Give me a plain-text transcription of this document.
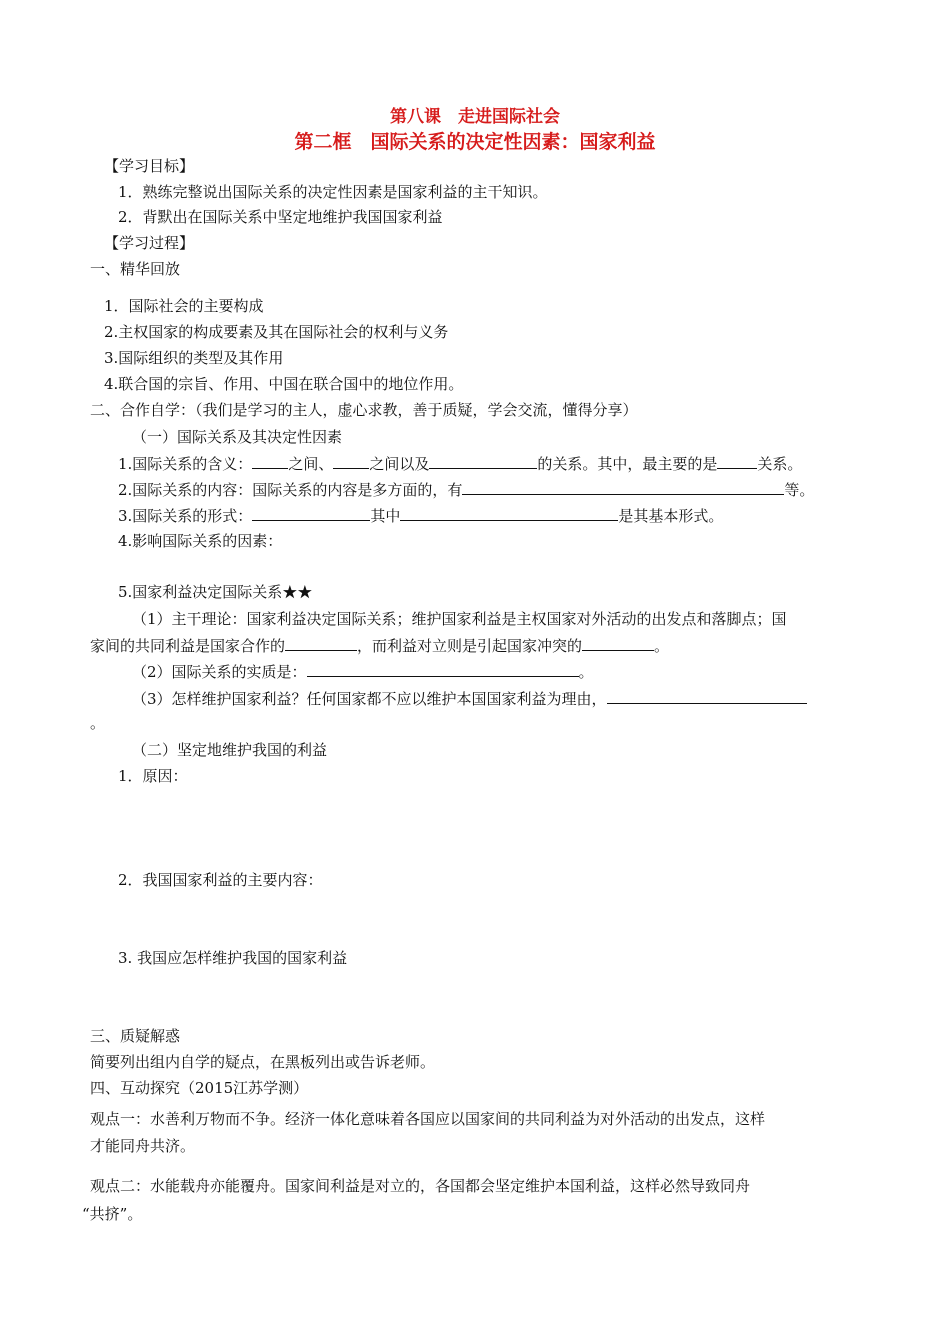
第八课　走进国际社会
第二框　国际关系的决定性因素：国家利益
【学习目标】
1．熟练完整说出国际关系的决定性因素是国家利益的主干知识。
2．背默出在国际关系中坚定地维护我国国家利益
【学习过程】
一、精华回放
1．国际社会的主要构成
2.主权国家的构成要素及其在国际社会的权利与义务
3.国际组织的类型及其作用
4.联合国的宗旨、作用、中国在联合国中的地位作用。
二、合作自学：（我们是学习的主人，虚心求教，善于质疑，学会交流，懂得分享）
（一）国际关系及其决定性因素
1.国际关系的含义： 之间、 之间以及	的关系。其中，最主要的是	关系。
2.国际关系的内容：国际关系的内容是多方面的，有	等。
3.国际关系的形式：	其中	是其基本形式。
4.影响国际关系的因素：
5.国家利益决定国际关系★★
（1）主干理论：国家利益决定国际关系；维护国家利益是主权国家对外活动的出发点和落脚点；国
家间的共同利益是国家合作的	，而利益对立则是引起国家冲突的	。
（2）国际关系的实质是：	。
（3）怎样维护国家利益？任何国家都不应以维护本国国家利益为理由，
。
（二）坚定地维护我国的利益
1．原因：
2．我国国家利益的主要内容：
3. 我国应怎样维护我国的国家利益
三、质疑解惑
简要列出组内自学的疑点，在黑板列出或告诉老师。
四、互动探究（2015江苏学测）
观点一：水善利万物而不争。经济一体化意味着各国应以国家间的共同利益为对外活动的出发点，这样
才能同舟共济。
观点二：水能载舟亦能覆舟。国家间利益是对立的，各国都会坚定维护本国利益，这样必然导致同舟
“共挤”。
